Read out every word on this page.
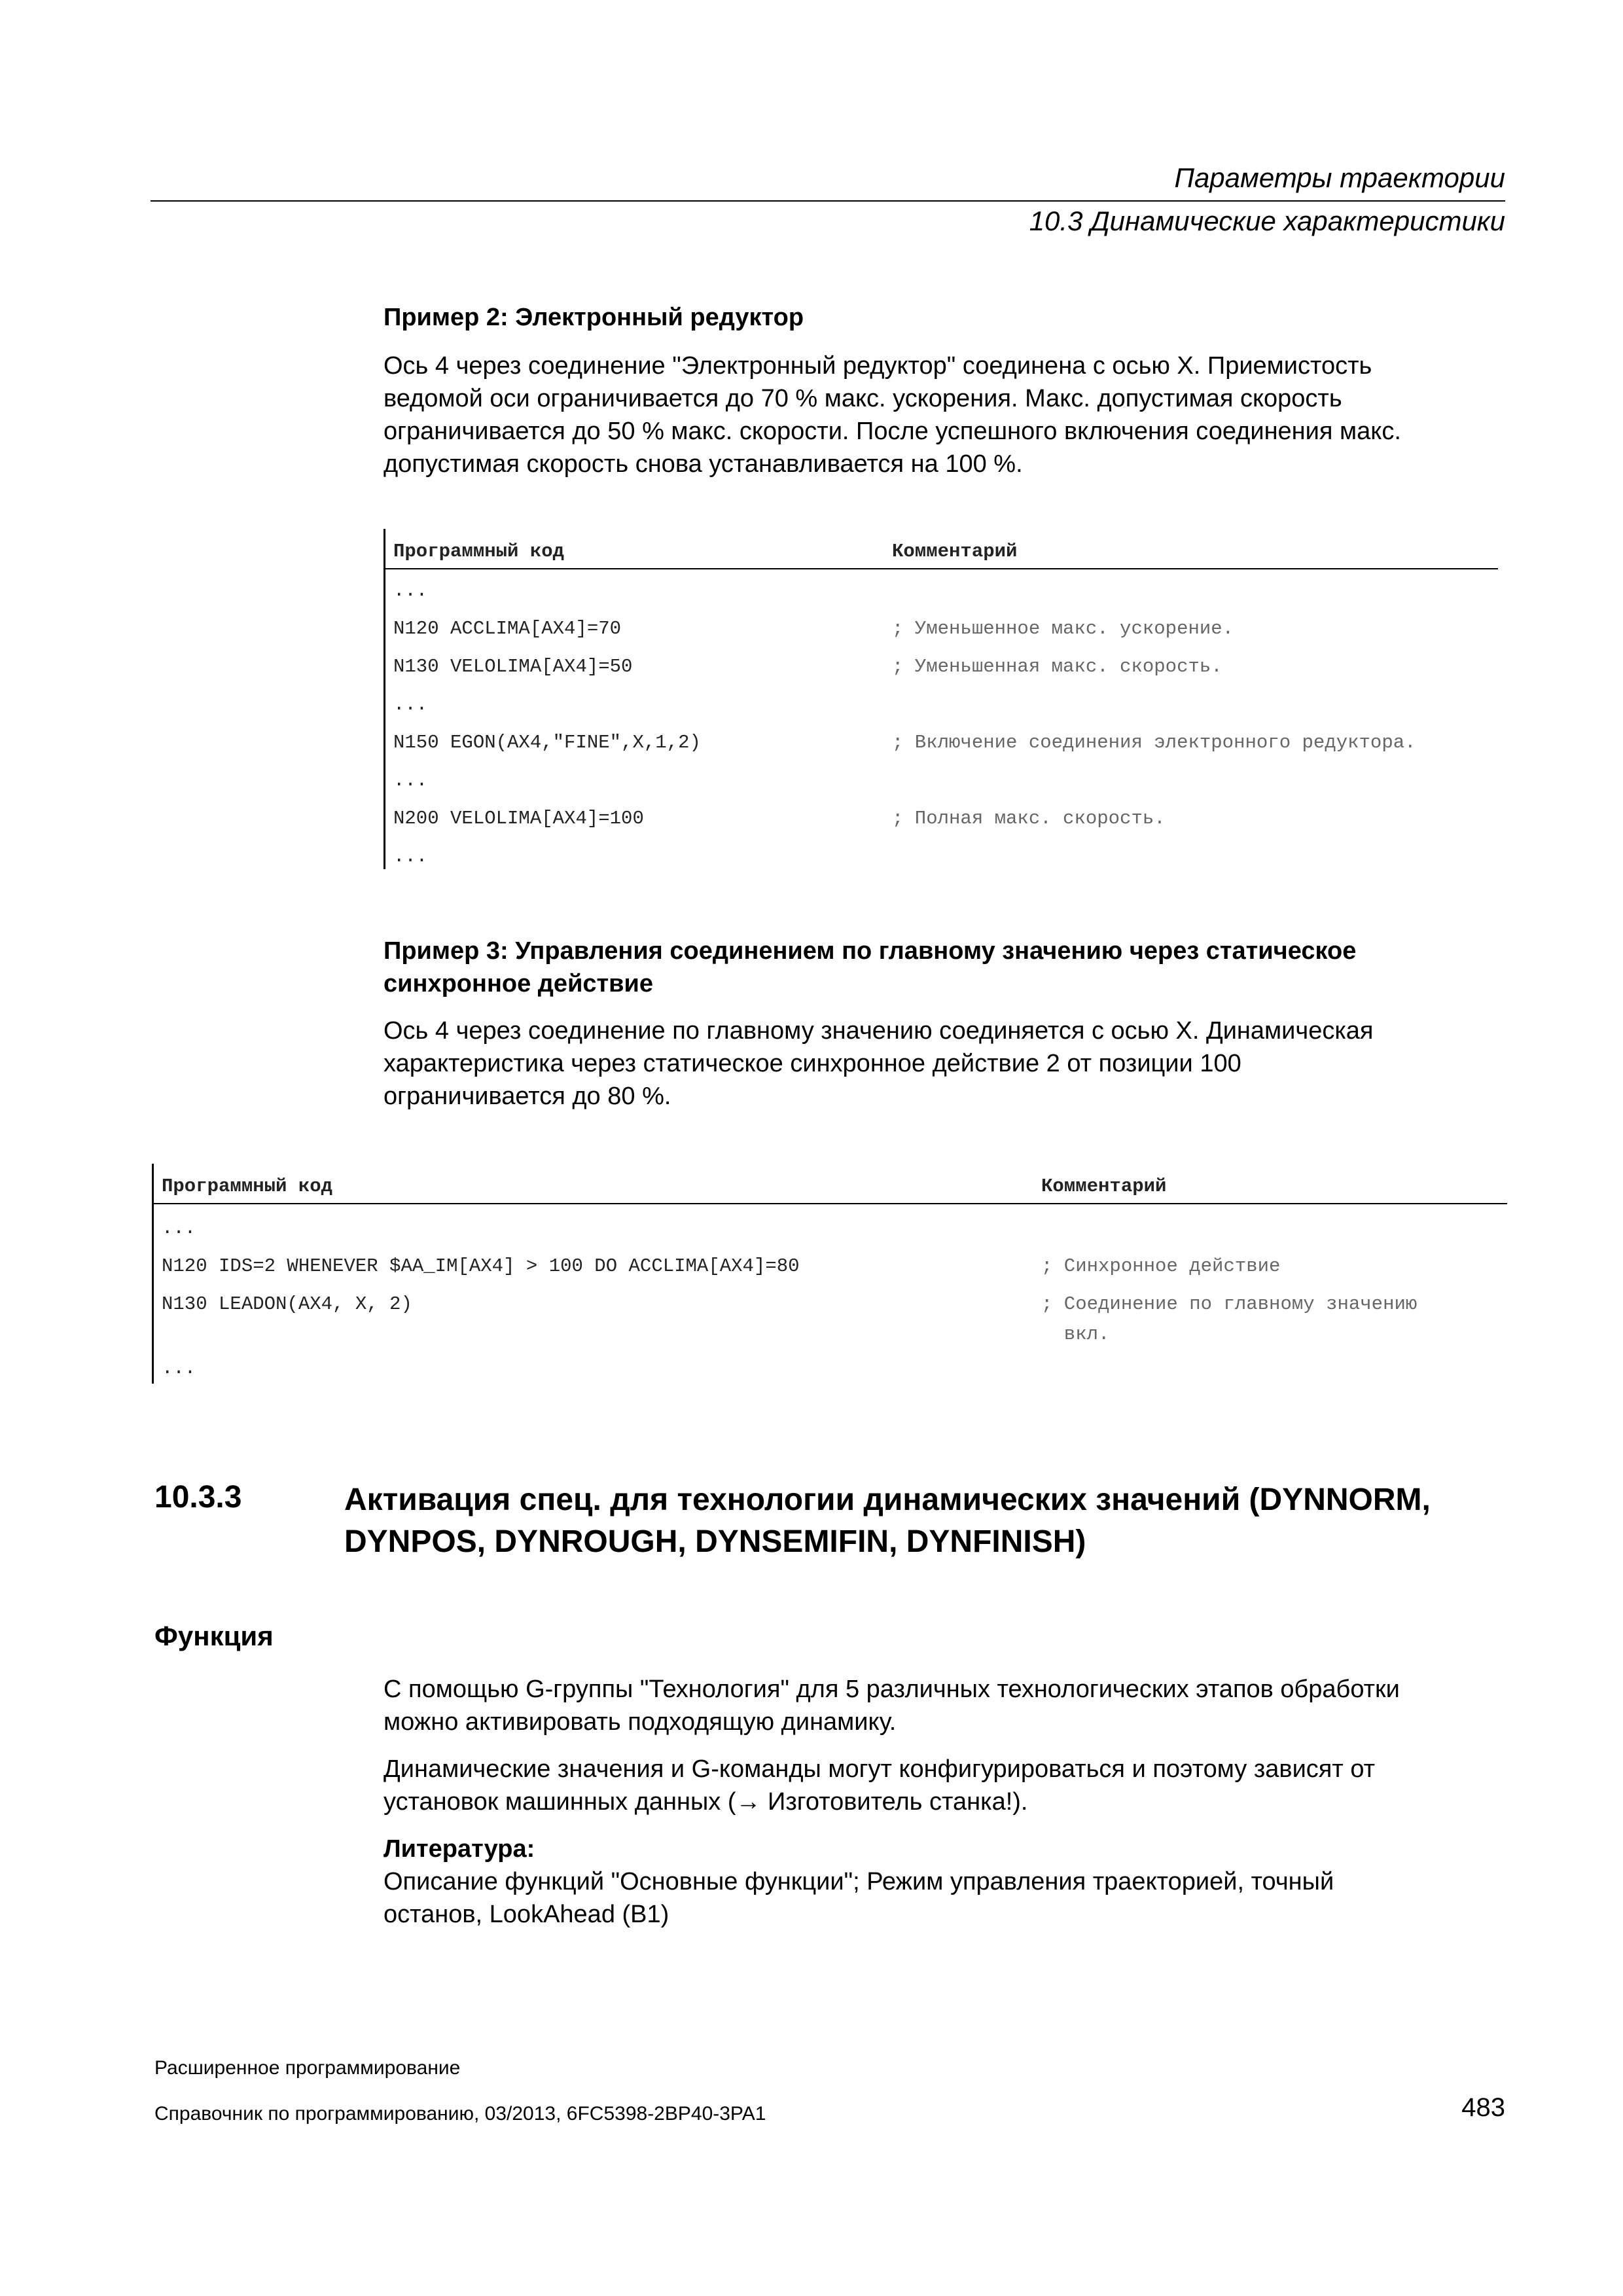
Параметры траектории
10.3 Динамические характеристики
Пример 2: Электронный редуктор
Ось 4 через соединение "Электронный редуктор" соединена с осью X. Приемистость
ведомой оси ограничивается до 70 % макс. ускорения. Макс. допустимая скорость
ограничивается до 50 % макс. скорости. После успешного включения соединения макс.
допустимая скорость снова устанавливается на 100 %.
Программный код	Комментарий
...
N120 ACCLIMA[AX4]=70	; Уменьшенное макс. ускорение.
N130 VELOLIMA[AX4]=50	; Уменьшенная макс. скорость.
...
N150 EGON(AX4,"FINE",X,1,2)	; Включение соединения электронного редуктора.
...
N200 VELOLIMA[AX4]=100	; Полная макс. скорость.
...
Пример 3: Управления соединением по главному значению через статическое
синхронное действие
Ось 4 через соединение по главному значению соединяется с осью X. Динамическая
характеристика через статическое синхронное действие 2 от позиции 100
ограничивается до 80 %.
Программный код	Комментарий
...
N120 IDS=2 WHENEVER $AA_IM[AX4] > 100 DO ACCLIMA[AX4]=80	; Синхронное действие
N130 LEADON(AX4, X, 2)	; Соединение по главному значению
вкл.
...
10.3.3	Активация спец. для технологии динамических значений (DYNNORM,
DYNPOS, DYNROUGH, DYNSEMIFIN, DYNFINISH)
Функция
С помощью G-группы "Технология" для 5 различных технологических этапов обработки
можно активировать подходящую динамику.
Динамические значения и G-команды могут конфигурироваться и поэтому зависят от
установок машинных данных (→ Изготовитель станка!).
Литература:
Описание функций "Основные функции"; Режим управления траекторией, точный
останов, LookAhead (B1)
Расширенное программирование
Справочник по программированию, 03/2013, 6FC5398-2BP40-3PA1	483
